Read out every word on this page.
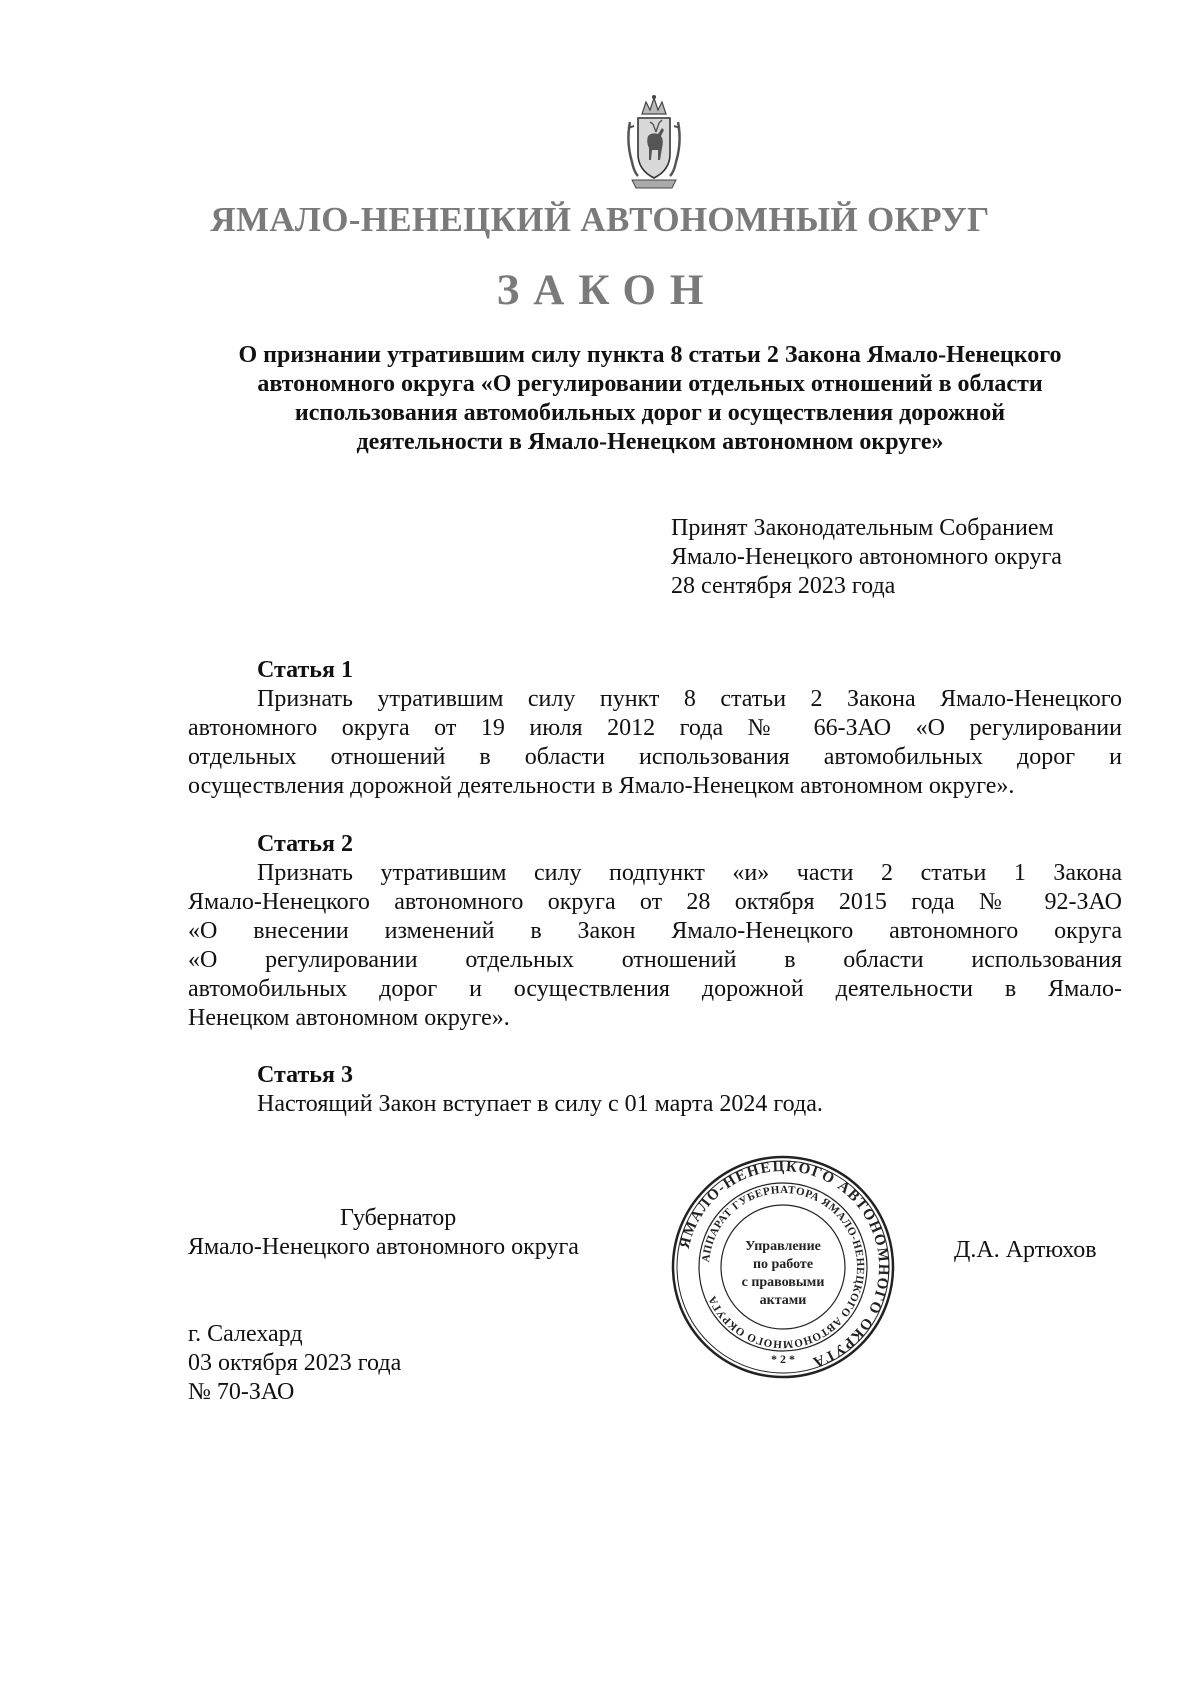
ЯМАЛО-НЕНЕЦКИЙ АВТОНОМНЫЙ ОКРУГ
ЗАКОН
О признании утратившим силу пункта 8 статьи 2 Закона Ямало-Ненецкого
автономного округа «О регулировании отдельных отношений в области
использования автомобильных дорог и осуществления дорожной
деятельности в Ямало-Ненецком автономном округе»
Принят Законодательным Собранием
Ямало-Ненецкого автономного округа
28 сентября 2023 года
Статья 1
Признать утратившим силу пункт 8 статьи 2 Закона Ямало-Ненецкого
автономного округа от 19 июля 2012 года № 66-ЗАО «О регулировании
отдельных отношений в области использования автомобильных дорог и
осуществления дорожной деятельности в Ямало-Ненецком автономном округе».
Статья 2
Признать утратившим силу подпункт «и» части 2 статьи 1 Закона
Ямало-Ненецкого автономного округа от 28 октября 2015 года № 92-ЗАО
«О внесении изменений в Закон Ямало-Ненецкого автономного округа
«О регулировании отдельных отношений в области использования
автомобильных дорог и осуществления дорожной деятельности в Ямало-
Ненецком автономном округе».
Статья 3
Настоящий Закон вступает в силу с 01 марта 2024 года.
Губернатор
Ямало-Ненецкого автономного округа	ЯМАЛО-НЕНЕЦКОГО АВТОНОМНОГО ОКРУГА
АППАРАТ ГУБЕРНАТОРА ЯМАЛО-НЕНЕЦКОГО АВТОНОМНОГО ОКРУГА
Управление
по работе
с правовыми
актами
* 2 *
Д.А. Артюхов
г. Салехард
03 октября 2023 года
№ 70-ЗАО
